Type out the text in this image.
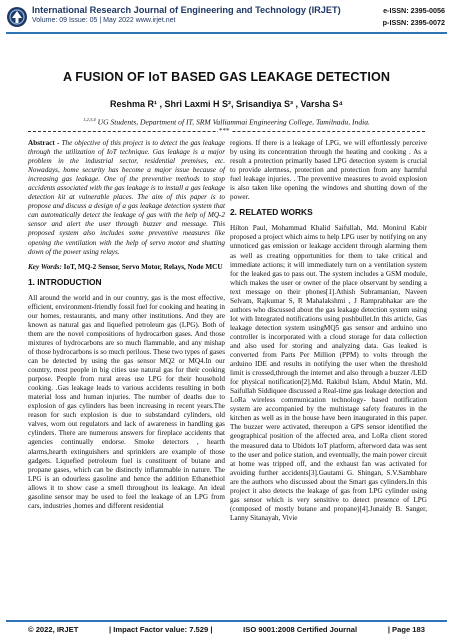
International Research Journal of Engineering and Technology (IRJET)
Volume: 09 Issue: 05 | May 2022 www.irjet.net
e-ISSN: 2395-0056
p-ISSN: 2395-0072
A FUSION OF IoT BASED GAS LEAKAGE DETECTION
Reshma R¹ , Shri Laxmi H S², Srisandiya S³ , Varsha S⁴
$^{1,2,3,4}$ UG Students, Department of IT, SRM Valliammai Engineering College, Tamilnadu, India.
***

Abstract - The objective of this project is to detect the gas leakage through the utilization of IoT technique. Gas leakage is a major problem in the industrial sector, residential premises, etc. Nowadays, home security has become a major issue because of increasing gas leakage. One of the preventive methods to stop accidents associated with the gas leakage is to install a gas leakage detection kit at vulnerable places. The aim of this paper is to propose and discuss a design of a gas leakage detection system that can automatically detect the leakage of gas with the help of MQ-2 sensor and alert the user through buzzer and message. This proposed system also includes some preventive measures like opening the ventilation with the help of servo motor and shutting down of the power using relays.

Key Words: IoT, MQ-2 Sensor, Servo Motor, Relays, Node MCU

1. INTRODUCTION

All around the world and in our country, gas is the most effective, efficient, environment-friendly fossil fuel for cooking and heating in our homes, restaurants, and many other institutions. And they are known as natural gas and liquefied petroleum gas (LPG). Both of them are the novel compositions of hydrocarbon gases. And those mixtures of hydrocarbons are so much flammable, and any mishap of those hydrocarbons is so much perilous. These two types of gases can be detected by using the gas sensor MQ2 or MQ4.In our country, most people in big cities use natural gas for their cooking purpose. People from rural areas use LPG for their household cooking. .Gas leakage leads to various accidents resulting in both material loss and human injuries. The number of deaths due to explosion of gas cylinders has been increasing in recent years.The reason for such explosion is due to substandard cylinders, old valves, worn out regulators and lack of awareness in handling gas cylinders. There are numerous answers for fireplace accidents that agencies continually endorse. Smoke detectors , hearth alarms,hearth extinguishers and sprinklers are example of those gadgets. Liquefied petroleum fuel is constituent of butane and propane gases, which can be distinctly inflammable in nature. The LPG is an odourless gasoline and hence the addition Ethanethiol allows it to show case a smell throughout its leakage. An ideal gasoline sensor may be used to feel the leakage of an LPG from cars, industries ,homes and different residential

regions. If there is a leakage of LPG, we will effortlessly perceive by using its concentration through the heating and cooking . As a result a protection primarily based LPG detection system is crucial to provide alertness, protection and protection from any harmful fuel leakage injuries. . The preventive measures to avoid explosion is also taken like opening the windows and shutting down of the power.

2. RELATED WORKS

Hilton Paul, Mohammad Khalid Saifullah, Md. Monirul Kabir proposed a project which aims to help LPG user by notifying on any unnoticed gas emission or leakage accident through alarming them as well as creating opportunities for them to take critical and immediate actions; it will immediately turn on a ventilation system for the leaked gas to pass out. The system includes a GSM module, which makes the user or owner of the place observant by sending a text message on their phones[1].Athish Subramanian, Naveen Selvam, Rajkumar S, R Mahalakshmi , J Ramprabhakar are the authors who discussed about the gas leakage detection system using Iot with Integrated notifications using pushbullet.In this article, Gas leakage detection system usingMQ5 gas sensor and arduino uno controller is incorporated with a cloud storage for data collection and also used for storing and analyzing data. Gas leaked is converted from Parts Per Million (PPM) to volts through the arduino IDE and results in notifying the user when the threshold limit is crossed,through the internet and also through a buzzer /LED for physical notification[2].Md. Rakibul Islam, Abdul Matin, Md. Saifullah Siddiquee discussed a Real-time gas leakage detection and LoRa wireless communication technology- based notification system are accompanied by the multistage safety features in the kitchen as well as in the house have been inaugurated in this paper. The buzzer were activated, thereupon a GPS sensor identified the geographical position of the affected area, and LoRa client stored the measured data to Ubidots IoT platform, afterword data was sent to the user and police station, and eventually, the main power circuit at home was tripped off, and the exhaust fan was activated for avoiding further accidents[3].Gautami G. Shingan, S.V.Sambhare are the authors who discussed about the Smart gas cylinders.In this project it also detects the leakage of gas from LPG cylinder using gas sensor which is very sensitive to detect presence of LPG (composed of mostly butane and propane)[4].Junaidy B. Sanger, Lanny Sitanayah, Vivie

© 2022, IRJET	| Impact Factor value: 7.529 |	ISO 9001:2008 Certified Journal	| Page 183
